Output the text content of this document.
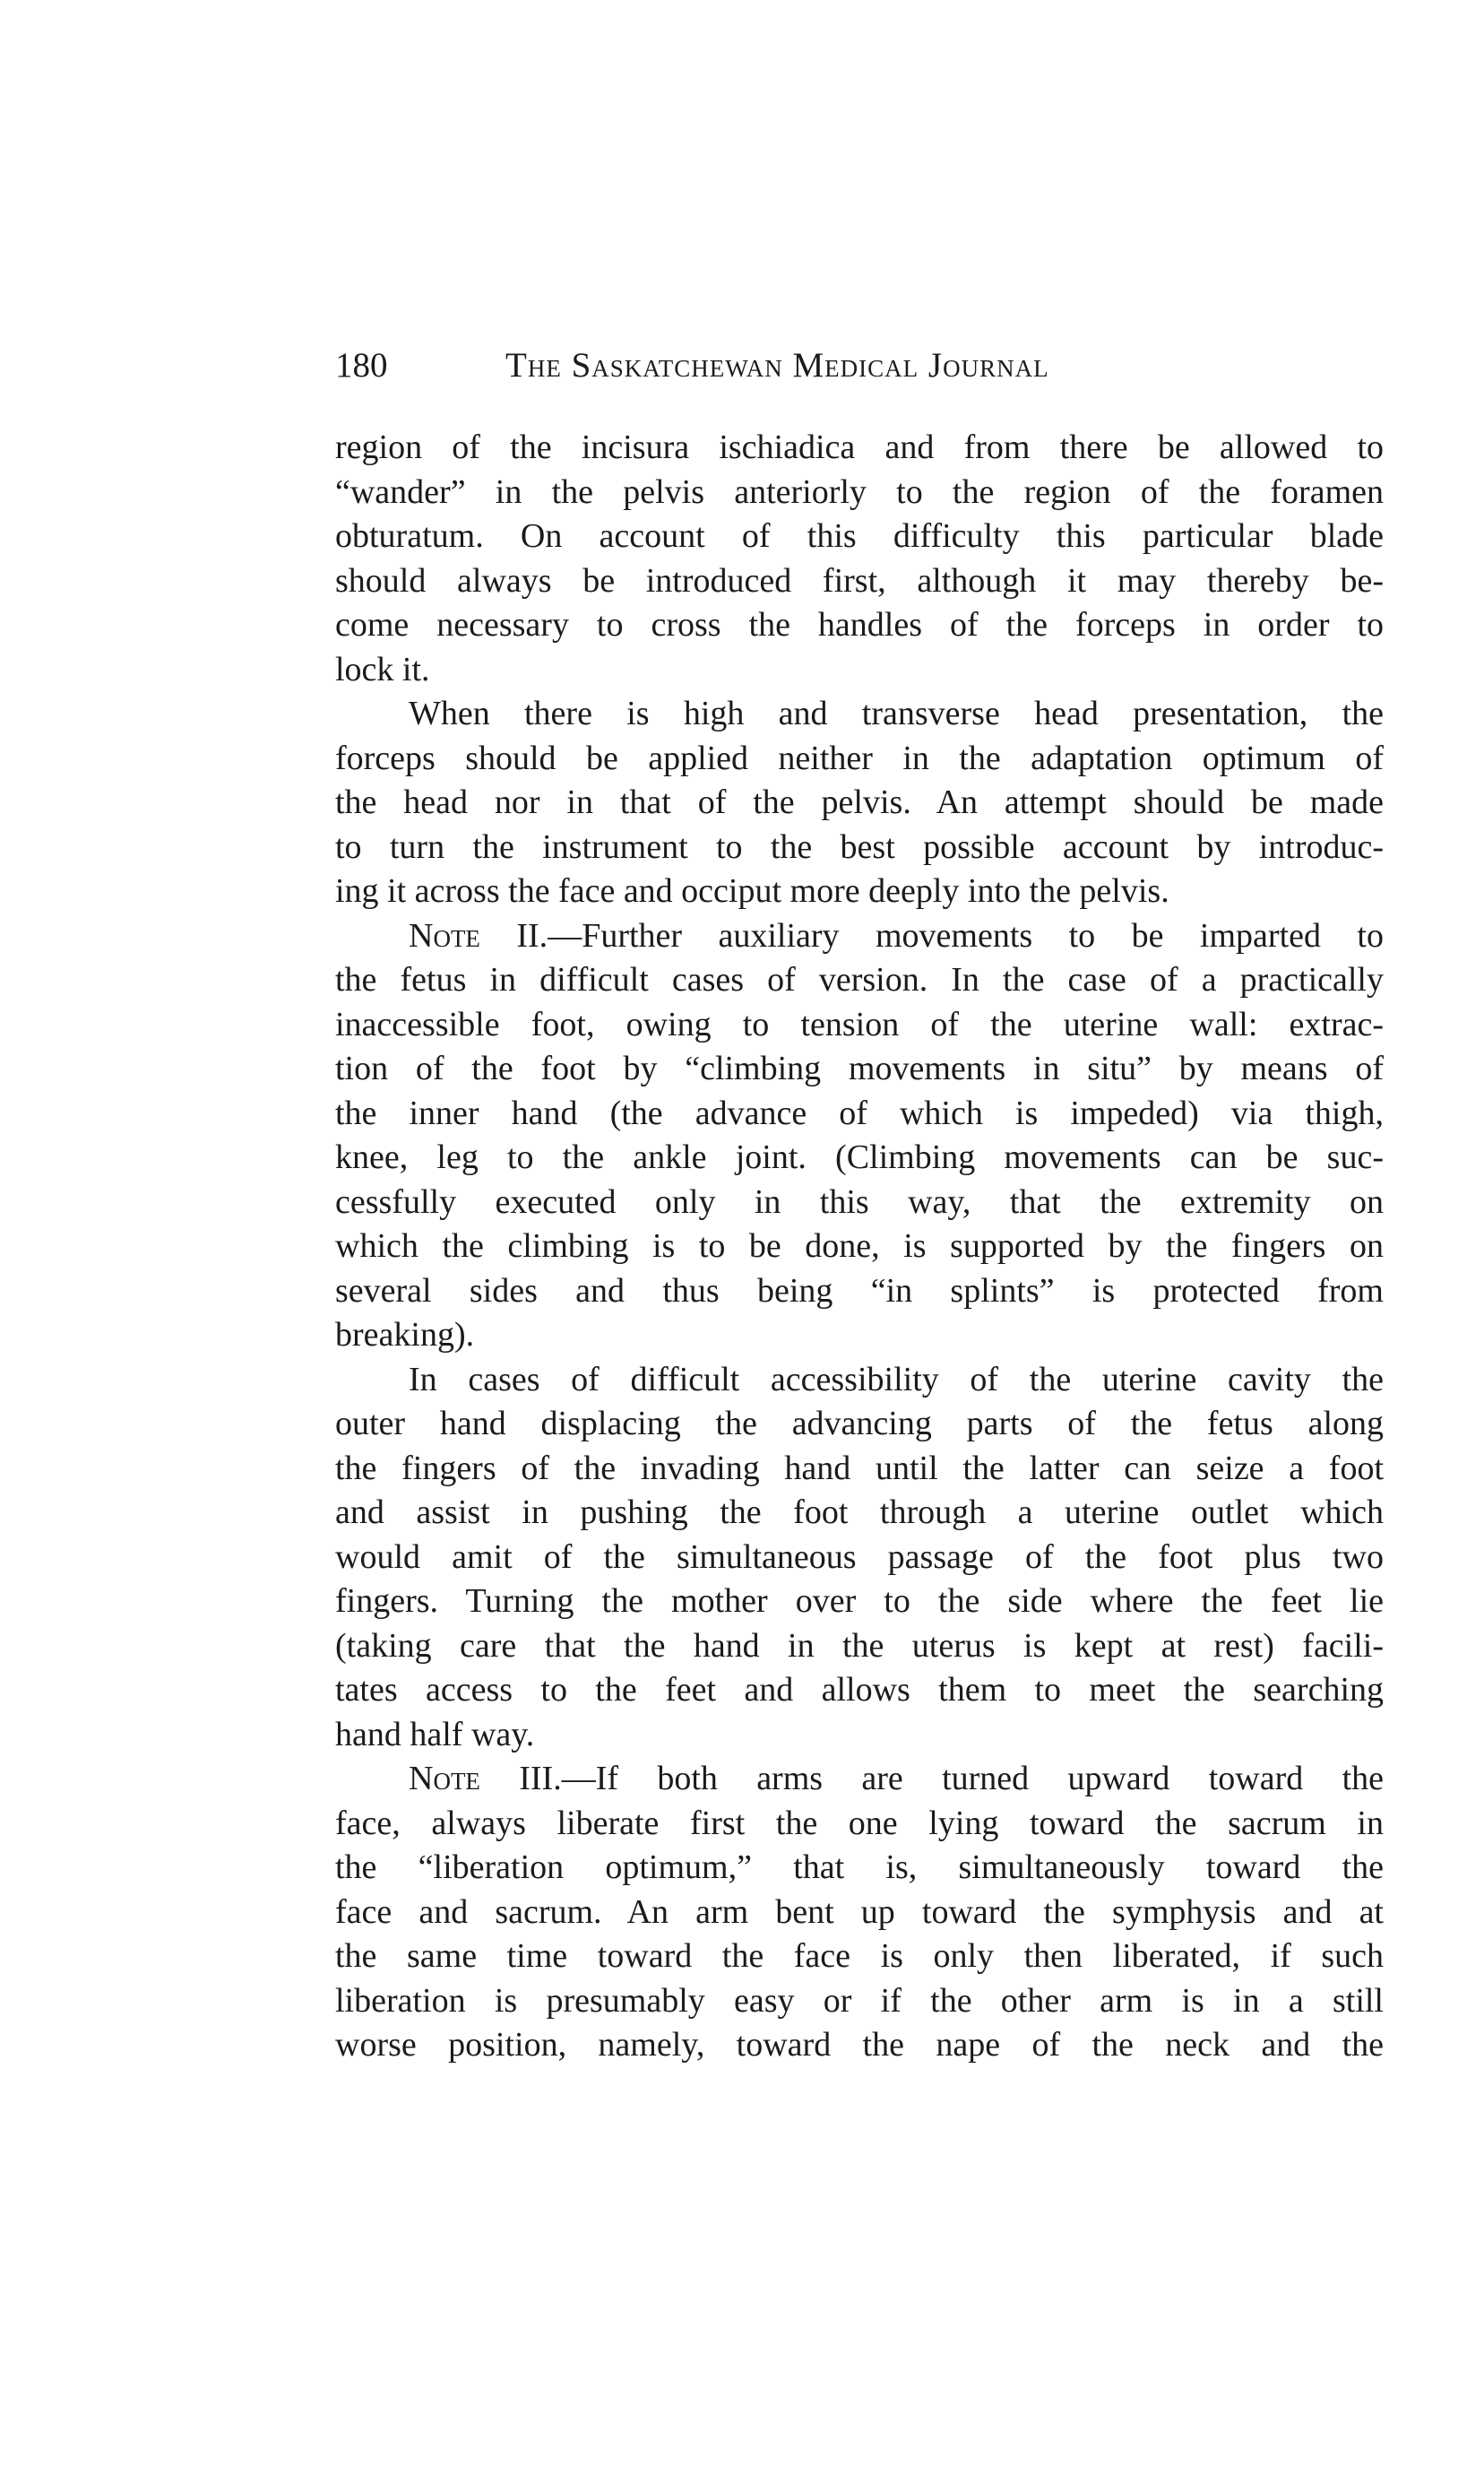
180	The Saskatchewan Medical Journal
region of the incisura ischiadica and from there be allowed to
“wander” in the pelvis anteriorly to the region of the foramen
obturatum. On account of this difficulty this particular blade
should always be introduced first, although it may thereby be-
come necessary to cross the handles of the forceps in order to
lock it.
When there is high and transverse head presentation, the
forceps should be applied neither in the adaptation optimum of
the head nor in that of the pelvis. An attempt should be made
to turn the instrument to the best possible account by introduc-
ing it across the face and occiput more deeply into the pelvis.
Note II.—Further auxiliary movements to be imparted to
the fetus in difficult cases of version. In the case of a practically
inaccessible foot, owing to tension of the uterine wall: extrac-
tion of the foot by “climbing movements in situ” by means of
the inner hand (the advance of which is impeded) via thigh,
knee, leg to the ankle joint. (Climbing movements can be suc-
cessfully executed only in this way, that the extremity on
which the climbing is to be done, is supported by the fingers on
several sides and thus being “in splints” is protected from
breaking).
In cases of difficult accessibility of the uterine cavity the
outer hand displacing the advancing parts of the fetus along
the fingers of the invading hand until the latter can seize a foot
and assist in pushing the foot through a uterine outlet which
would amit of the simultaneous passage of the foot plus two
fingers. Turning the mother over to the side where the feet lie
(taking care that the hand in the uterus is kept at rest) facili-
tates access to the feet and allows them to meet the searching
hand half way.
Note III.—If both arms are turned upward toward the
face, always liberate first the one lying toward the sacrum in
the “liberation optimum,” that is, simultaneously toward the
face and sacrum. An arm bent up toward the symphysis and at
the same time toward the face is only then liberated, if such
liberation is presumably easy or if the other arm is in a still
worse position, namely, toward the nape of the neck and the
